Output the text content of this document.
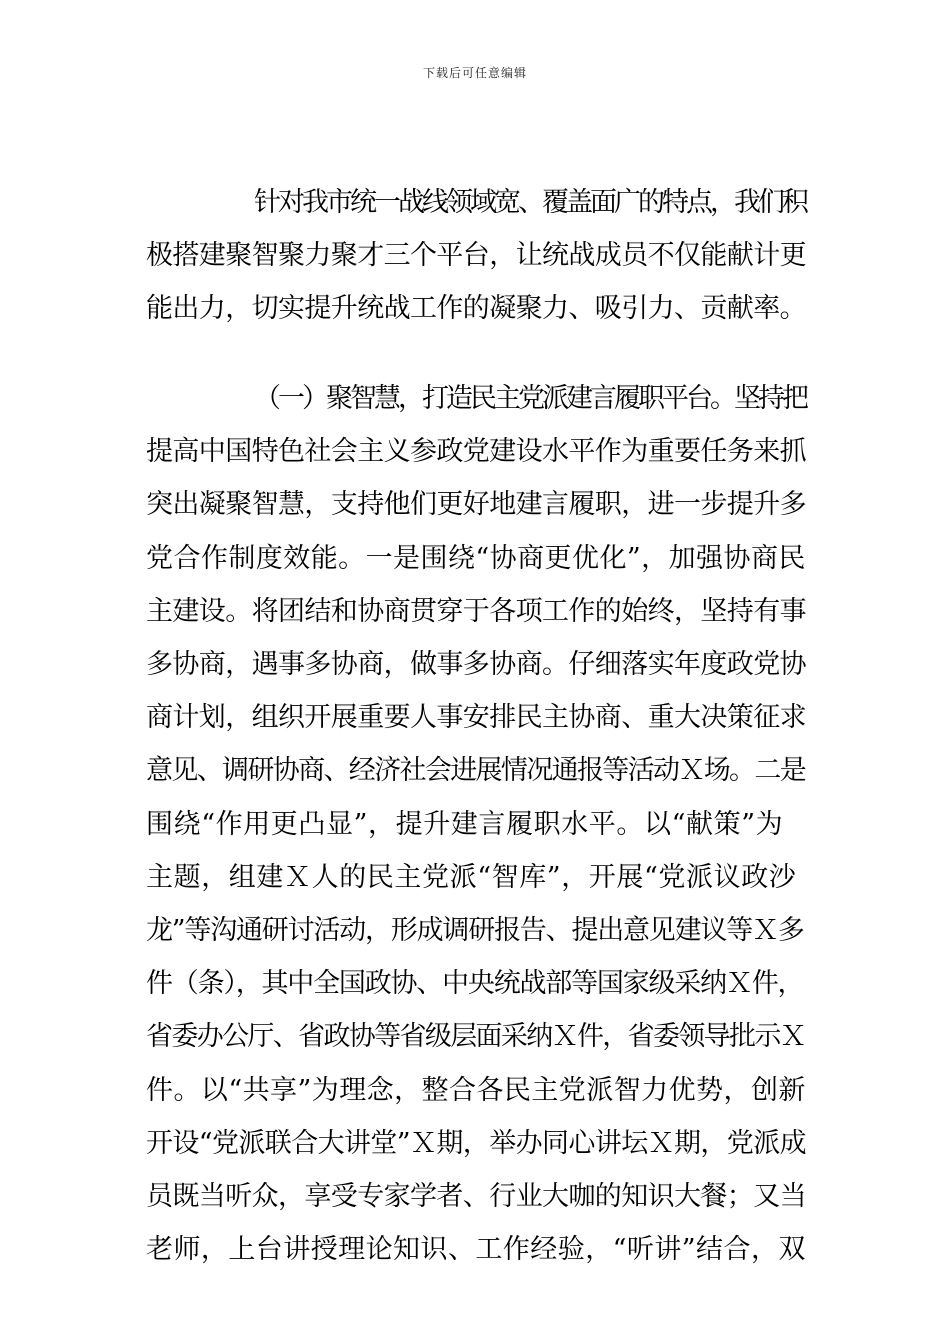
下载后可任意编辑
针对我市统一战线领域宽、覆盖面广的特点，我们积
极搭建聚智聚力聚才三个平台，让统战成员不仅能献计更
能出力，切实提升统战工作的凝聚力、吸引力、贡献率。
（一）聚智慧，打造民主党派建言履职平台。坚持把
提高中国特色社会主义参政党建设水平作为重要任务来抓
突出凝聚智慧，支持他们更好地建言履职，进一步提升多
党合作制度效能。一是围绕“协商更优化”，加强协商民
主建设。将团结和协商贯穿于各项工作的始终，坚持有事
多协商，遇事多协商，做事多协商。仔细落实年度政党协
商计划，组织开展重要人事安排民主协商、重大决策征求
意见、调研协商、经济社会进展情况通报等活动Ｘ场。二是
围绕“作用更凸显”，提升建言履职水平。以“献策”为
主题，组建Ｘ人的民主党派“智库”，开展“党派议政沙
龙”等沟通研讨活动，形成调研报告、提出意见建议等Ｘ多
件（条），其中全国政协、中央统战部等国家级采纳Ｘ件，
省委办公厅、省政协等省级层面采纳Ｘ件，省委领导批示Ｘ
件。以“共享”为理念，整合各民主党派智力优势，创新
开设“党派联合大讲堂”Ｘ期，举办同心讲坛Ｘ期，党派成
员既当听众，享受专家学者、行业大咖的知识大餐；又当
老师，上台讲授理论知识、工作经验，“听讲”结合，双
